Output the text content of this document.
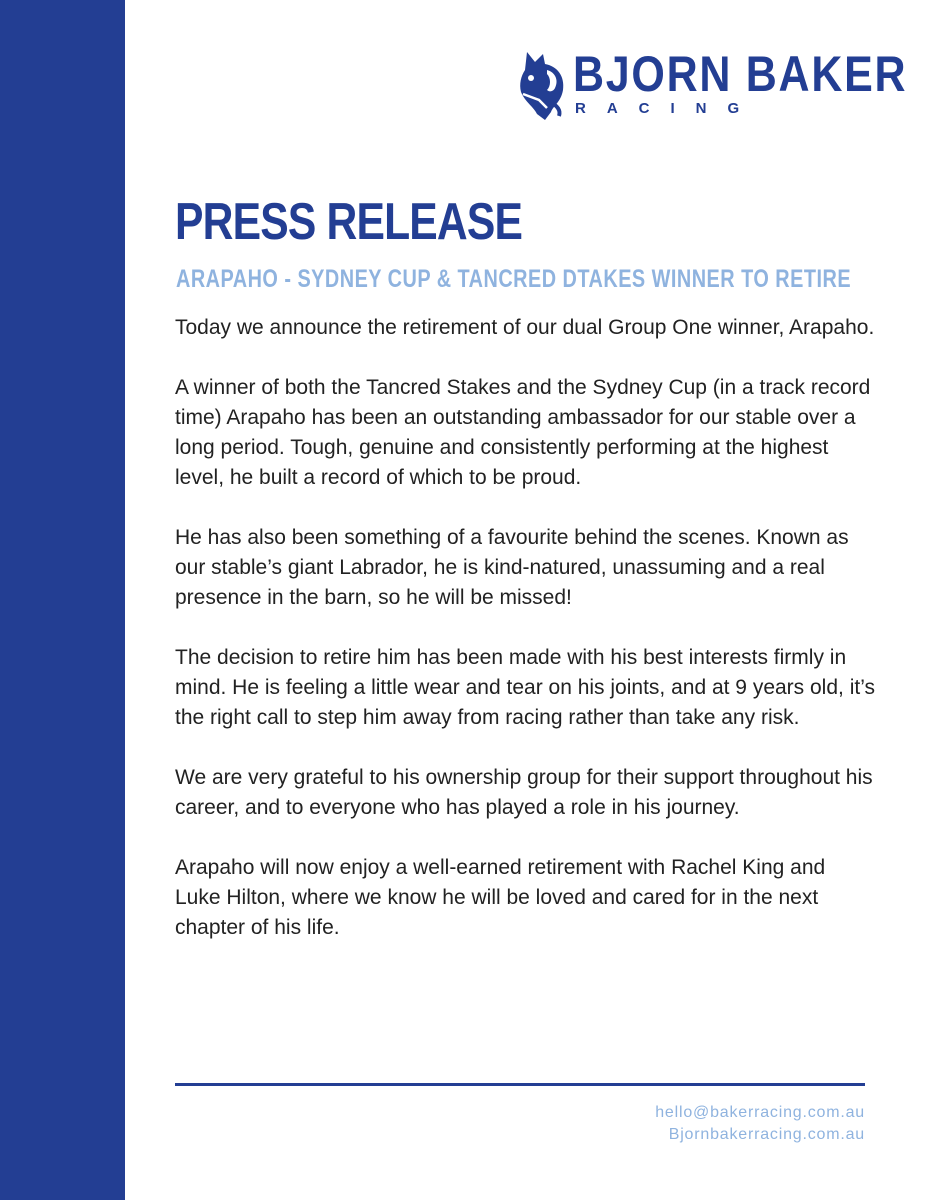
BJORN BAKER
RACING
PRESS RELEASE
ARAPAHO - SYDNEY CUP & TANCRED DTAKES WINNER TO RETIRE

Today we announce the retirement of our dual Group One winner, Arapaho.

A winner of both the Tancred Stakes and the Sydney Cup (in a track record time) Arapaho has been an outstanding ambassador for our stable over a long period. Tough, genuine and consistently performing at the highest level, he built a record of which to be proud.

He has also been something of a favourite behind the scenes. Known as our stable’s giant Labrador, he is kind-natured, unassuming and a real presence in the barn, so he will be missed!

The decision to retire him has been made with his best interests firmly in mind. He is feeling a little wear and tear on his joints, and at 9 years old, it’s the right call to step him away from racing rather than take any risk.

We are very grateful to his ownership group for their support throughout his career, and to everyone who has played a role in his journey.

Arapaho will now enjoy a well-earned retirement with Rachel King and Luke Hilton, where we know he will be loved and cared for in the next chapter of his life.

hello@bakerracing.com.au
Bjornbakerracing.com.au
